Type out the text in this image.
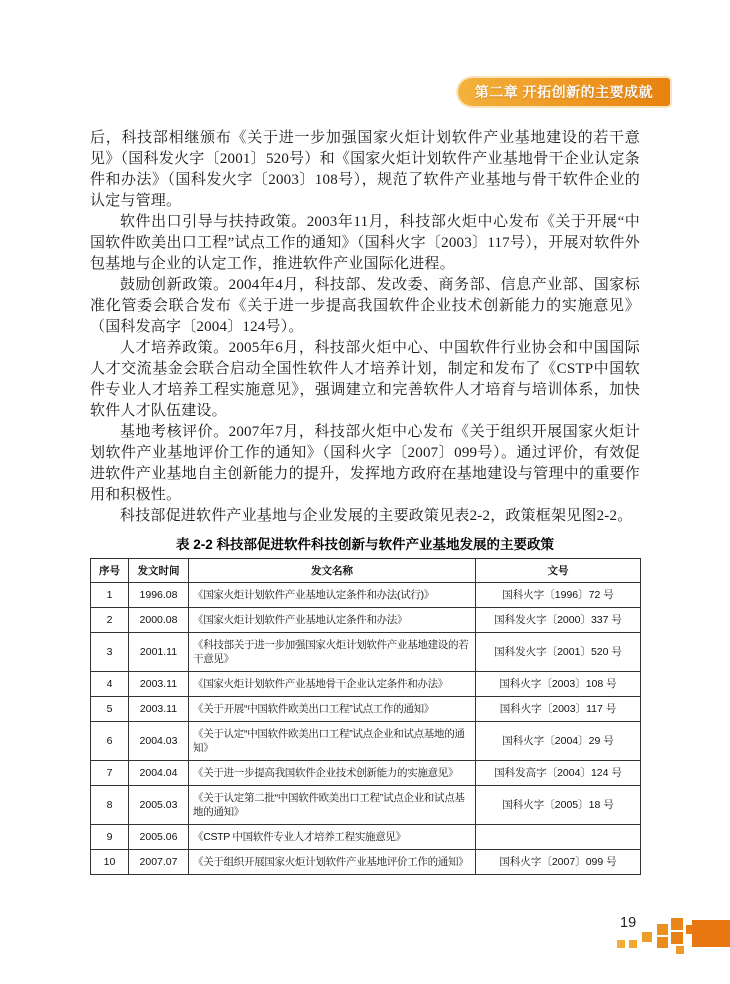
第二章 开拓创新的主要成就

后，科技部相继颁布《关于进一步加强国家火炬计划软件产业基地建设的若干意见》（国科发火字〔2001〕520号）和《国家火炬计划软件产业基地骨干企业认定条件和办法》（国科发火字〔2003〕108号），规范了软件产业基地与骨干软件企业的认定与管理。

软件出口引导与扶持政策。2003年11月，科技部火炬中心发布《关于开展“中国软件欧美出口工程”试点工作的通知》（国科火字〔2003〕117号），开展对软件外包基地与企业的认定工作，推进软件产业国际化进程。

鼓励创新政策。2004年4月，科技部、发改委、商务部、信息产业部、国家标准化管委会联合发布《关于进一步提高我国软件企业技术创新能力的实施意见》（国科发高字〔2004〕124号）。

人才培养政策。2005年6月，科技部火炬中心、中国软件行业协会和中国国际人才交流基金会联合启动全国性软件人才培养计划，制定和发布了《CSTP中国软件专业人才培养工程实施意见》，强调建立和完善软件人才培育与培训体系，加快软件人才队伍建设。

基地考核评价。2007年7月，科技部火炬中心发布《关于组织开展国家火炬计划软件产业基地评价工作的通知》（国科火字〔2007〕099号）。通过评价，有效促进软件产业基地自主创新能力的提升，发挥地方政府在基地建设与管理中的重要作用和积极性。

科技部促进软件产业基地与企业发展的主要政策见表2-2，政策框架见图2-2。

表 2-2 科技部促进软件科技创新与软件产业基地发展的主要政策
序号	发文时间	发文名称	文号
1	1996.08	《国家火炬计划软件产业基地认定条件和办法(试行)》	国科火字〔1996〕72 号
2	2000.08	《国家火炬计划软件产业基地认定条件和办法》	国科发火字〔2000〕337 号
3	2001.11	《科技部关于进一步加强国家火炬计划软件产业基地建设的若干意见》	国科发火字〔2001〕520 号
4	2003.11	《国家火炬计划软件产业基地骨干企业认定条件和办法》	国科火字〔2003〕108 号
5	2003.11	《关于开展“中国软件欧美出口工程”试点工作的通知》	国科火字〔2003〕117 号
6	2004.03	《关于认定“中国软件欧美出口工程”试点企业和试点基地的通知》	国科火字〔2004〕29 号
7	2004.04	《关于进一步提高我国软件企业技术创新能力的实施意见》	国科发高字〔2004〕124 号
8	2005.03	《关于认定第二批“中国软件欧美出口工程”试点企业和试点基地的通知》	国科火字〔2005〕18 号
9	2005.06	《CSTP 中国软件专业人才培养工程实施意见》	
10	2007.07	《关于组织开展国家火炬计划软件产业基地评价工作的通知》	国科火字〔2007〕099 号
19
